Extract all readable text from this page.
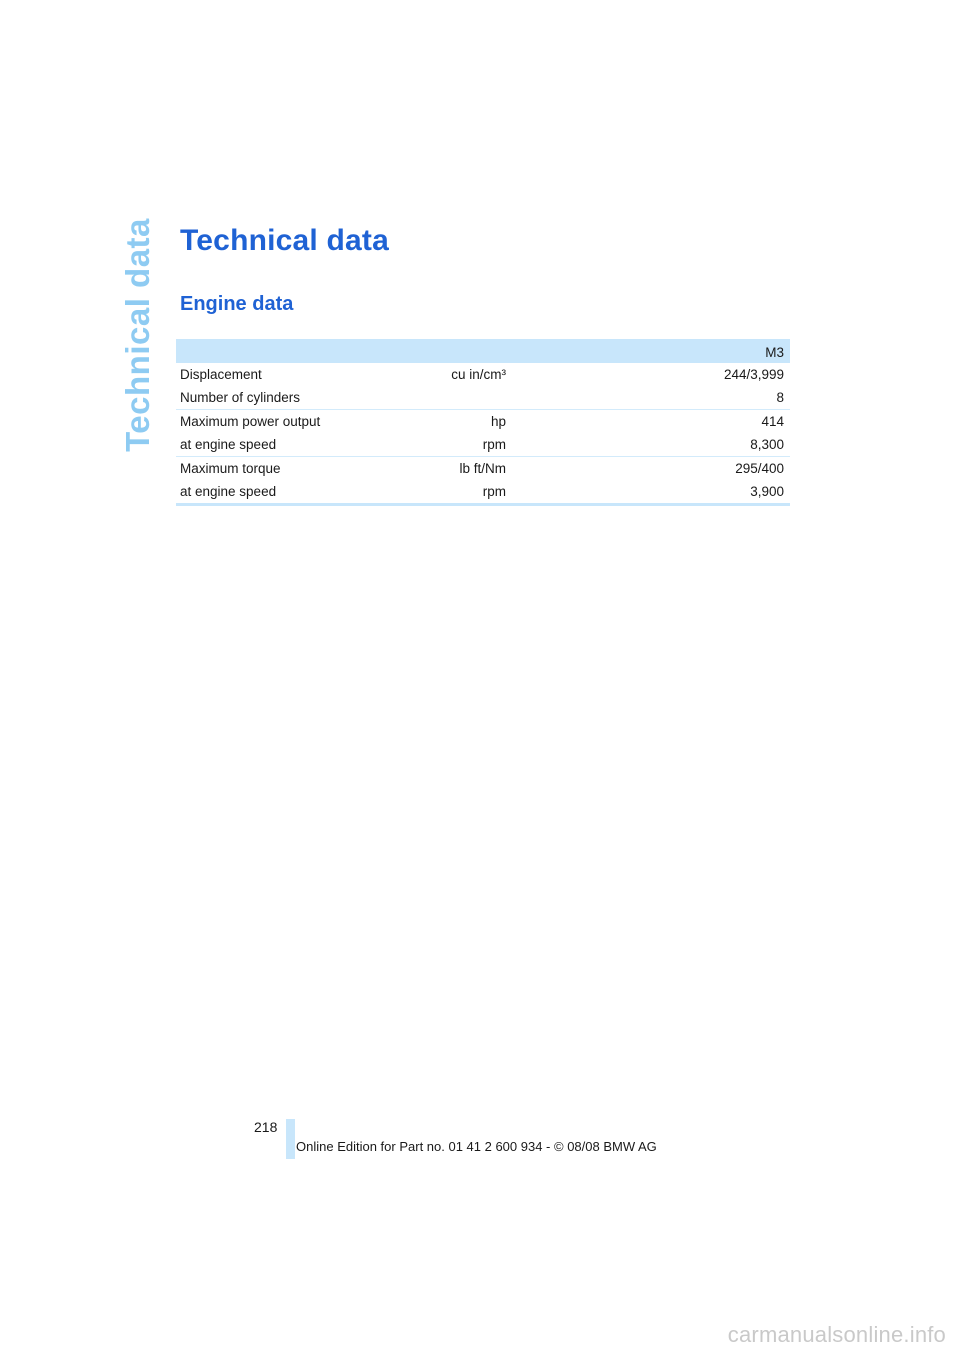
Technical data Technical data
Engine data
M3		
Displacement	cu in/cm³	244/3,999
Number of cylinders		8
Maximum power output	hp	414
at engine speed	rpm	8,300
Maximum torque	lb ft/Nm	295/400
at engine speed	rpm	3,900
218
Online Edition for Part no. 01 41 2 600 934 - © 08/08 BMW AG
carmanualsonline.info
